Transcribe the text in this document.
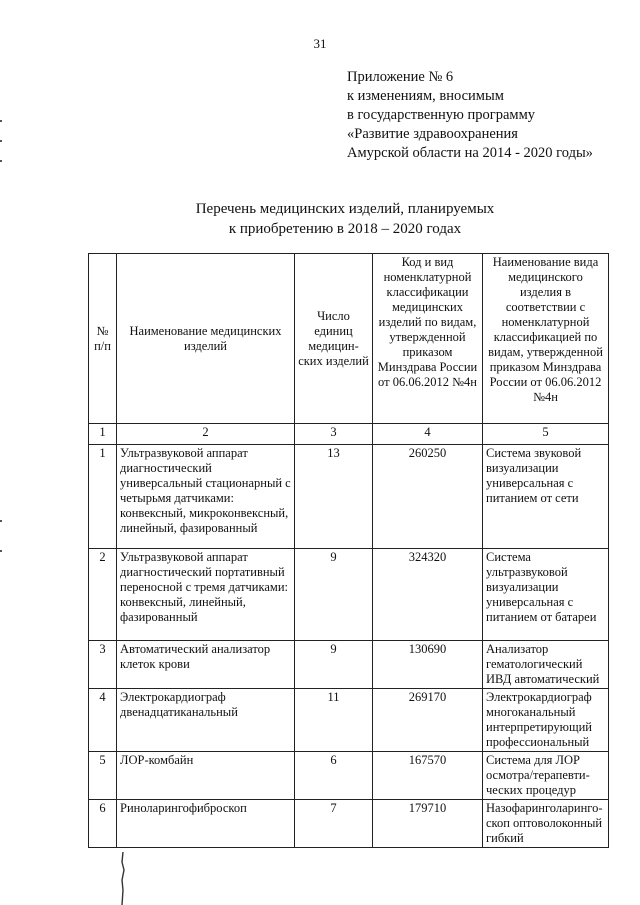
31
Приложение № 6
к изменениям, вносимым
в государственную программу
«Развитие здравоохранения
Амурской области на 2014 - 2020 годы»
Перечень медицинских изделий, планируемых
к приобретению в 2018 – 2020 годах
№ п/п	Наименование медицинских изделий	Число единиц медицин-ских изделий	Код и вид номенклатурной классификации медицинских изделий по видам, утвержденной приказом Минздрава России от 06.06.2012 №4н	Наименование вида медицинского изделия в соответствии с номенклатурной классификацией по видам, утвержденной приказом Минздрава России от 06.06.2012 №4н
1	2	3	4	5
1	Ультразвуковой аппарат диагностический универсальный стационарный с четырьмя датчиками: конвексный, микроконвексный, линейный, фазированный	13	260250	Система звуковой визуализации универсальная с питанием от сети
2	Ультразвуковой аппарат диагностический портативный переносной с тремя датчиками: конвексный, линейный, фазированный	9	324320	Система ультразвуковой визуализации универсальная с питанием от батареи
3	Автоматический анализатор клеток крови	9	130690	Анализатор гематологический ИВД автоматический
4	Электрокардиограф двенадцатиканальный	11	269170	Электрокардиограф многоканальный интерпретирующий профессиональный
5	ЛОР-комбайн	6	167570	Система для ЛОР осмотра/терапевти-ческих процедур
6	Ринолaрингофиброскоп	7	179710	Назофаринголаринго-скоп оптоволоконный гибкий
